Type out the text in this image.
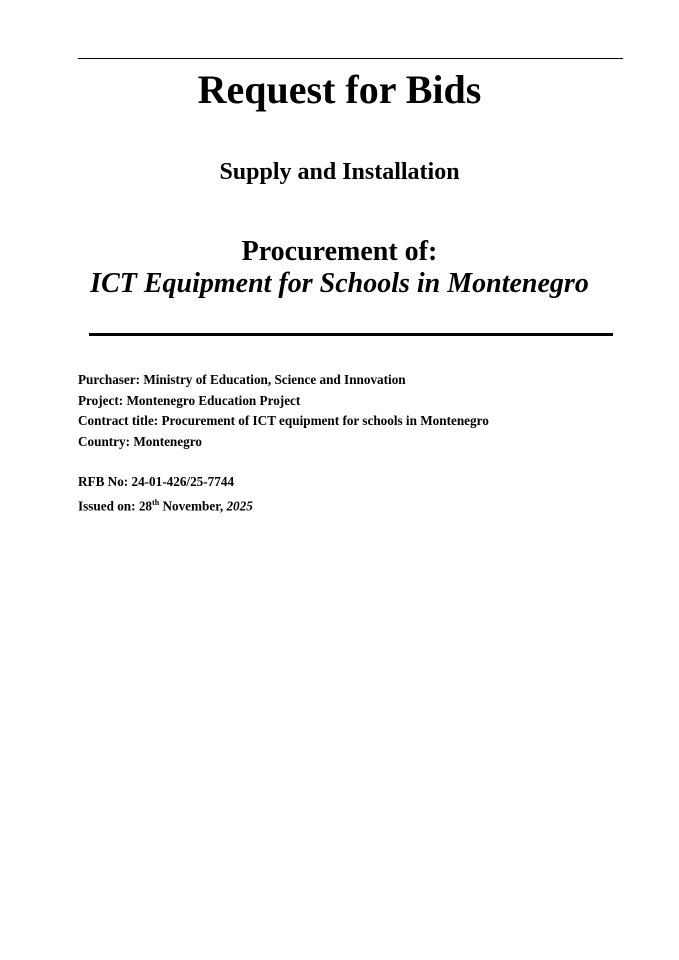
Request for Bids
Supply and Installation
Procurement of:
ICT Equipment for Schools in Montenegro
Purchaser: Ministry of Education, Science and Innovation
Project: Montenegro Education Project
Contract title: Procurement of ICT equipment for schools in Montenegro
Country: Montenegro
RFB No: 24-01-426/25-7744
Issued on: 28th November, 2025
